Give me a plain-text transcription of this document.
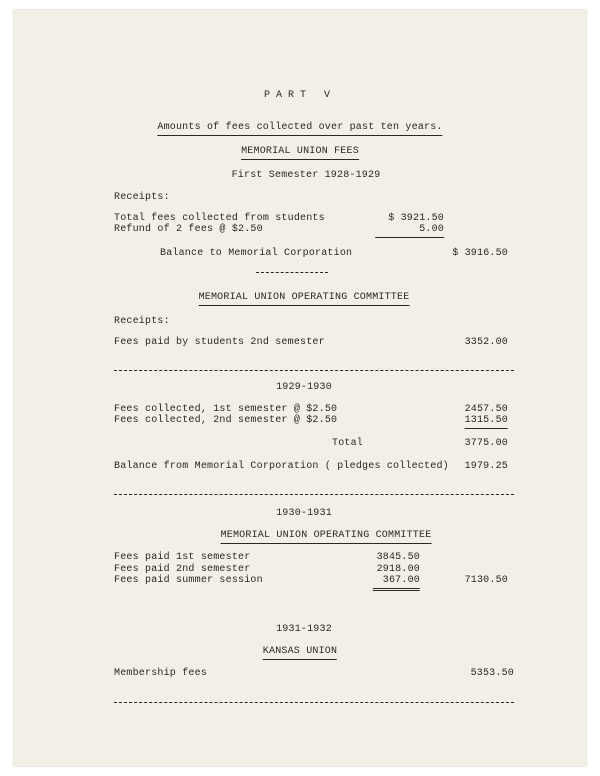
PART V
Amounts of fees collected over past ten years.
MEMORIAL UNION FEES
First Semester 1928-1929
Receipts:
Total fees collected from students	$ 3921.50
Refund of 2 fees @ $2.50	5.00
Balance to Memorial Corporation	$ 3916.50
MEMORIAL UNION OPERATING COMMITTEE
Receipts:
Fees paid by students 2nd semester	3352.00
1929-1930
Fees collected, 1st semester @ $2.50	2457.50
Fees collected, 2nd semester @ $2.50	1315.50
Total	3775.00
Balance from Memorial Corporation ( pledges collected) 1979.25
1930-1931
MEMORIAL UNION OPERATING COMMITTEE
Fees paid 1st semester	3845.50
Fees paid 2nd semester	2918.00
Fees paid summer session	367.00	7130.50
1931-1932
KANSAS UNION
Membership fees	5353.50
